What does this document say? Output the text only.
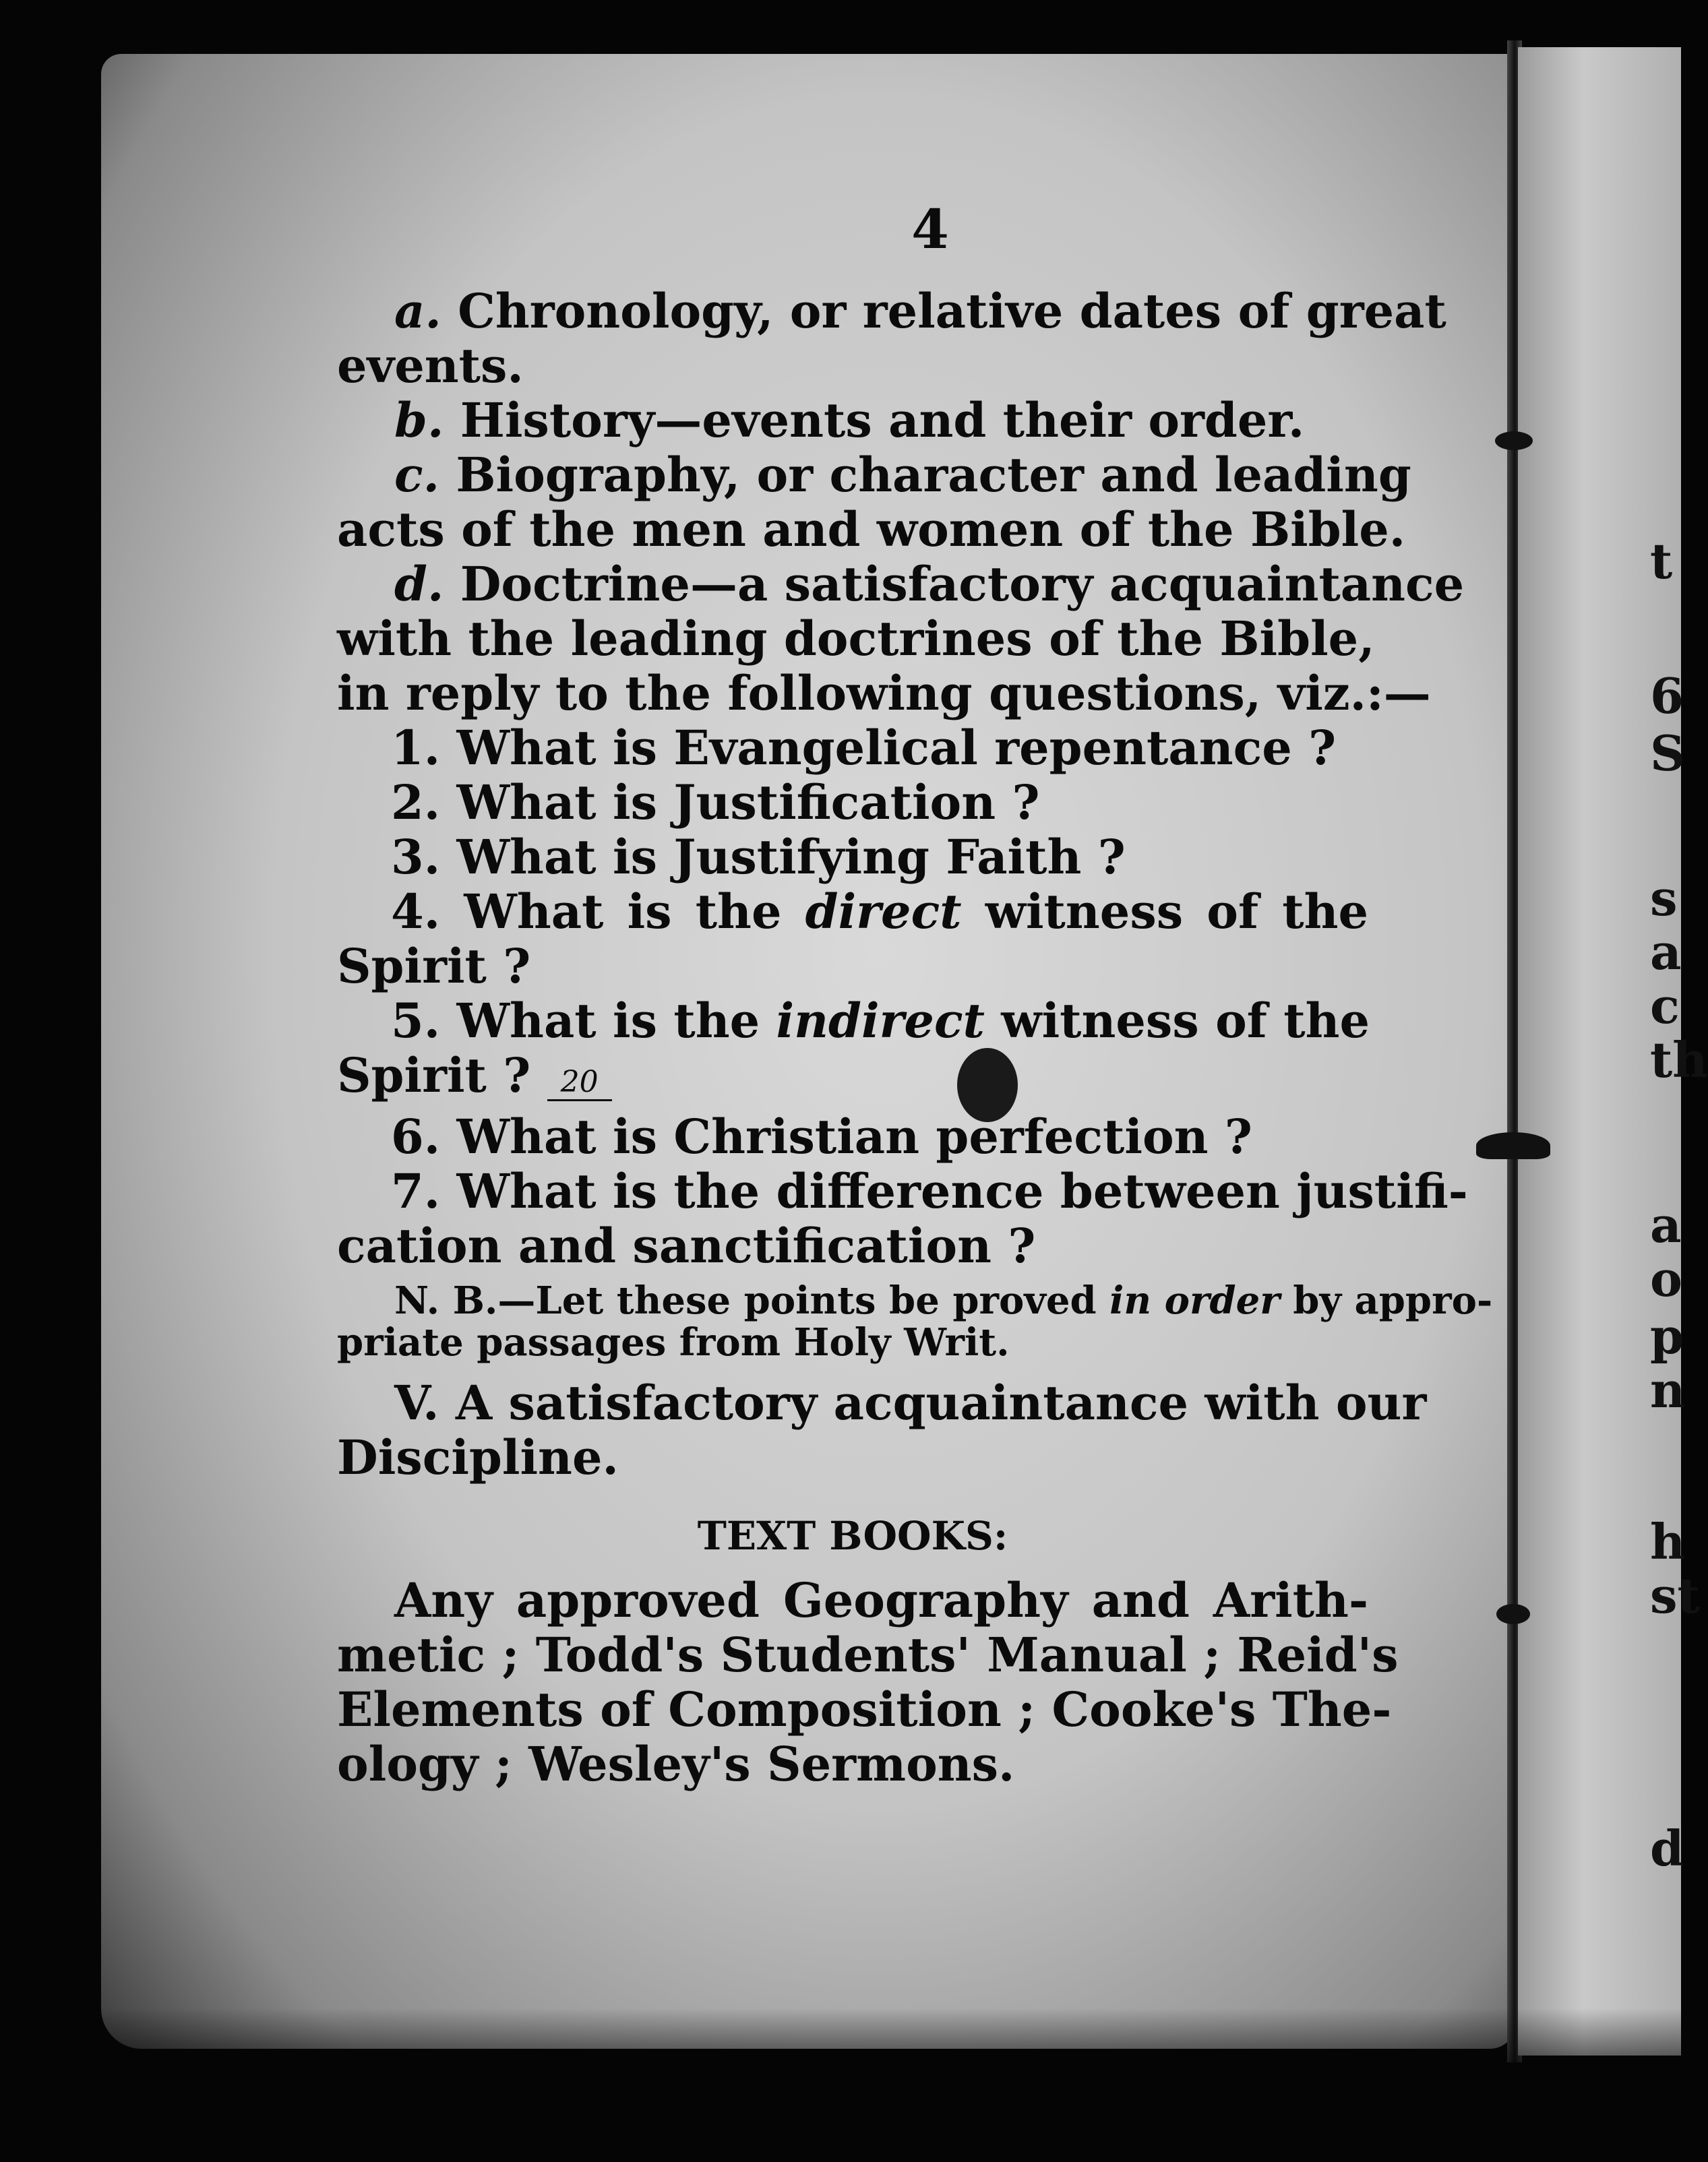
4
a. Chronology, or relative dates of great
events.
b. History—events and their order.
c. Biography, or character and leading
acts of the men and women of the Bible.
d. Doctrine—a satisfactory acquaintance
with the leading doctrines of the Bible,
in reply to the following questions, viz.:—
1. What is Evangelical repentance ?
2. What is Justification ?
3. What is Justifying Faith ?
4. What is the direct witness of the
Spirit ?
5. What is the indirect witness of the
Spirit ? 20
6. What is Christian perfection ?
7. What is the difference between justifi-
cation and sanctification ?
N. B.—Let these points be proved in order by appro-
priate passages from Holy Writ.
V. A satisfactory acquaintance with our
Discipline.
TEXT BOOKS:
Any approved Geography and Arith-
metic ; Todd's Students' Manual ; Reid's
Elements of Composition ; Cooke's The-
ology ; Wesley's Sermons.
t
6
S
s
a
c
th
a
o
p
n
h
st
d
